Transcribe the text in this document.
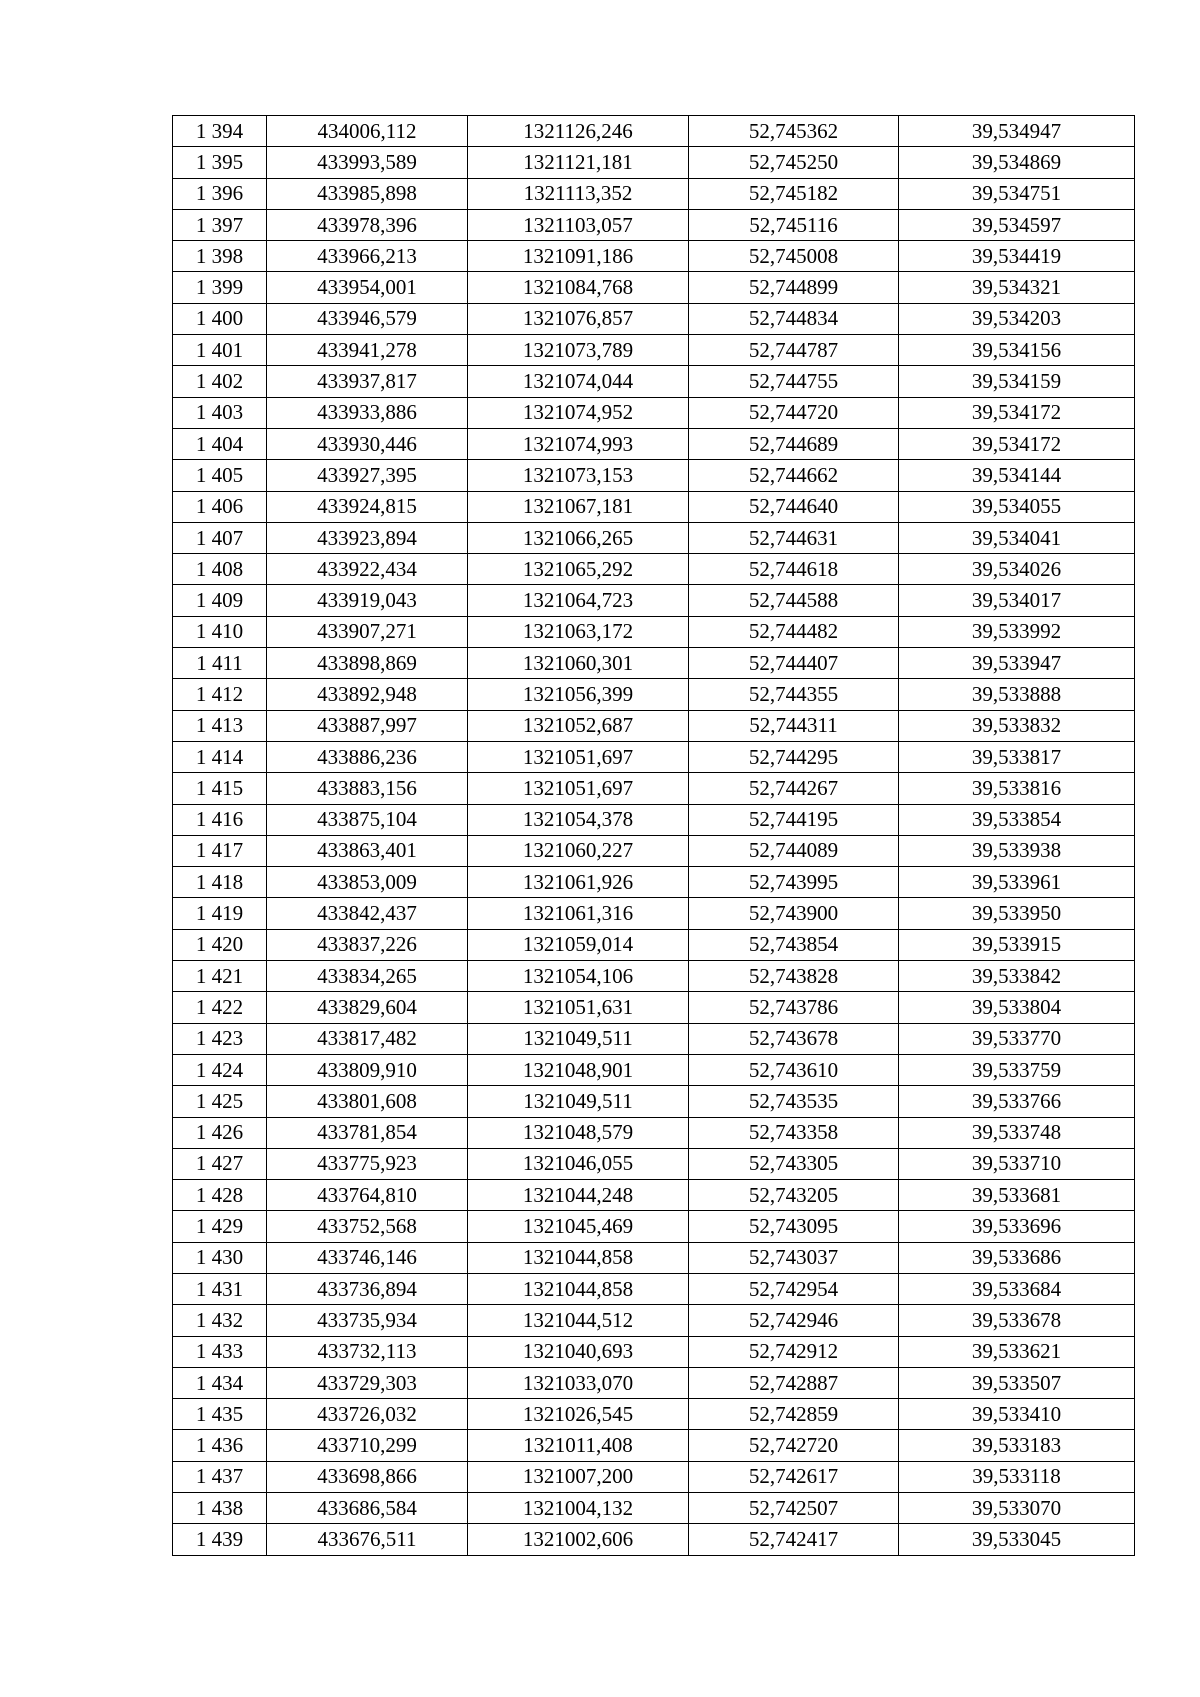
1 394	434006,112	1321126,246	52,745362	39,534947
1 395	433993,589	1321121,181	52,745250	39,534869
1 396	433985,898	1321113,352	52,745182	39,534751
1 397	433978,396	1321103,057	52,745116	39,534597
1 398	433966,213	1321091,186	52,745008	39,534419
1 399	433954,001	1321084,768	52,744899	39,534321
1 400	433946,579	1321076,857	52,744834	39,534203
1 401	433941,278	1321073,789	52,744787	39,534156
1 402	433937,817	1321074,044	52,744755	39,534159
1 403	433933,886	1321074,952	52,744720	39,534172
1 404	433930,446	1321074,993	52,744689	39,534172
1 405	433927,395	1321073,153	52,744662	39,534144
1 406	433924,815	1321067,181	52,744640	39,534055
1 407	433923,894	1321066,265	52,744631	39,534041
1 408	433922,434	1321065,292	52,744618	39,534026
1 409	433919,043	1321064,723	52,744588	39,534017
1 410	433907,271	1321063,172	52,744482	39,533992
1 411	433898,869	1321060,301	52,744407	39,533947
1 412	433892,948	1321056,399	52,744355	39,533888
1 413	433887,997	1321052,687	52,744311	39,533832
1 414	433886,236	1321051,697	52,744295	39,533817
1 415	433883,156	1321051,697	52,744267	39,533816
1 416	433875,104	1321054,378	52,744195	39,533854
1 417	433863,401	1321060,227	52,744089	39,533938
1 418	433853,009	1321061,926	52,743995	39,533961
1 419	433842,437	1321061,316	52,743900	39,533950
1 420	433837,226	1321059,014	52,743854	39,533915
1 421	433834,265	1321054,106	52,743828	39,533842
1 422	433829,604	1321051,631	52,743786	39,533804
1 423	433817,482	1321049,511	52,743678	39,533770
1 424	433809,910	1321048,901	52,743610	39,533759
1 425	433801,608	1321049,511	52,743535	39,533766
1 426	433781,854	1321048,579	52,743358	39,533748
1 427	433775,923	1321046,055	52,743305	39,533710
1 428	433764,810	1321044,248	52,743205	39,533681
1 429	433752,568	1321045,469	52,743095	39,533696
1 430	433746,146	1321044,858	52,743037	39,533686
1 431	433736,894	1321044,858	52,742954	39,533684
1 432	433735,934	1321044,512	52,742946	39,533678
1 433	433732,113	1321040,693	52,742912	39,533621
1 434	433729,303	1321033,070	52,742887	39,533507
1 435	433726,032	1321026,545	52,742859	39,533410
1 436	433710,299	1321011,408	52,742720	39,533183
1 437	433698,866	1321007,200	52,742617	39,533118
1 438	433686,584	1321004,132	52,742507	39,533070
1 439	433676,511	1321002,606	52,742417	39,533045
